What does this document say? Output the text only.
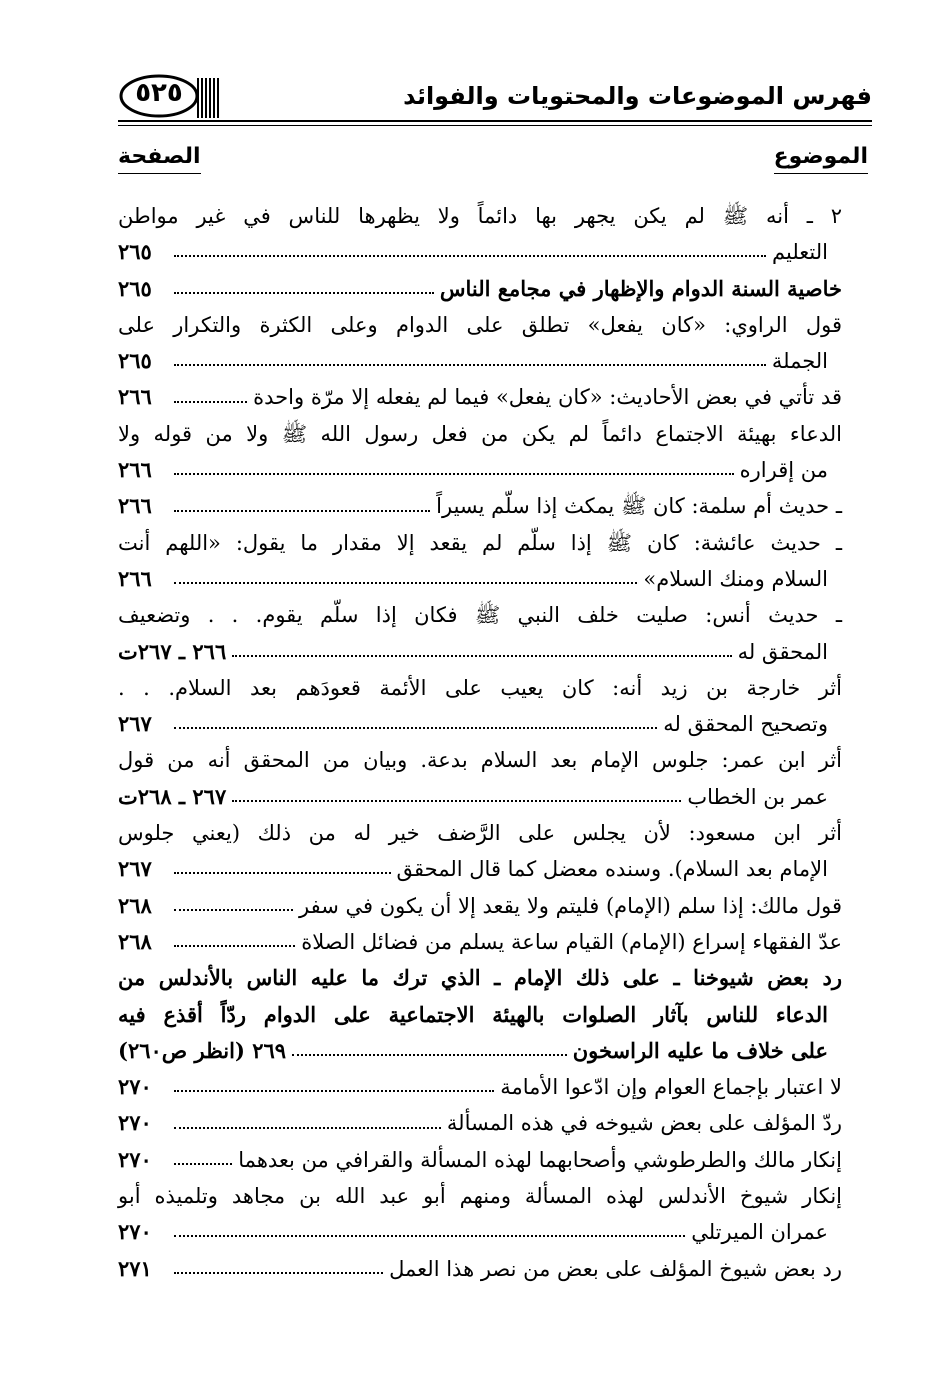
٥٢٥	فهرس الموضوعات والمحتويات والفوائد
الموضوع
الصفحة
٢ ـ أنه ﷺ لم يكن يجهر بها دائماً ولا يظهرها للناس في غير مواطن
التعليم
٢٦٥
خاصية السنة الدوام والإظهار في مجامع الناس
٢٦٥
قول الراوي: «كان يفعل» تطلق على الدوام وعلى الكثرة والتكرار على
الجملة
٢٦٥
قد تأتي في بعض الأحاديث: «كان يفعل» فيما لم يفعله إلا مرّة واحدة
٢٦٦
الدعاء بهيئة الاجتماع دائماً لم يكن من فعل رسول الله ﷺ ولا من قوله ولا
من إقراره
٢٦٦
ـ حديث أم سلمة: كان ﷺ يمكث إذا سلّم يسيراً
٢٦٦
ـ حديث عائشة: كان ﷺ إذا سلّم لم يقعد إلا مقدار ما يقول: «اللهم أنت
السلام ومنك السلام»
٢٦٦
ـ حديث أنس: صليت خلف النبي ﷺ فكان إذا سلّم يقوم. . . وتضعيف
المحقق له
٢٦٦ ـ ٢٦٧ت
أثر خارجة بن زيد أنه: كان يعيب على الأئمة قعودَهم بعد السلام. . .
وتصحيح المحقق له
٢٦٧
أثر ابن عمر: جلوس الإمام بعد السلام بدعة. وبيان من المحقق أنه من قول
عمر بن الخطاب
٢٦٧ ـ ٢٦٨ت
أثر ابن مسعود: لأن يجلس على الرَّضف خير له من ذلك (يعني جلوس
الإمام بعد السلام). وسنده معضل كما قال المحقق
٢٦٧
قول مالك: إذا سلم (الإمام) فليتم ولا يقعد إلا أن يكون في سفر
٢٦٨
عدّ الفقهاء إسراع (الإمام) القيام ساعة يسلم من فضائل الصلاة
٢٦٨
رد بعض شيوخنا ـ على ذلك الإمام ـ الذي ترك ما عليه الناس بالأندلس من
الدعاء للناس بآثار الصلوات بالهيئة الاجتماعية على الدوام ردّاً أقذع فيه
على خلاف ما عليه الراسخون
٢٦٩ (انظر ص٢٦٠)
لا اعتبار بإجماع العوام وإن ادّعوا الأمامة
٢٧٠
ردّ المؤلف على بعض شيوخه في هذه المسألة
٢٧٠
إنكار مالك والطرطوشي وأصحابهما لهذه المسألة والقرافي من بعدهما
٢٧٠
إنكار شيوخ الأندلس لهذه المسألة ومنهم أبو عبد الله بن مجاهد وتلميذه أبو
عمران الميرتلي
٢٧٠
رد بعض شيوخ المؤلف على بعض من نصر هذا العمل
٢٧١
